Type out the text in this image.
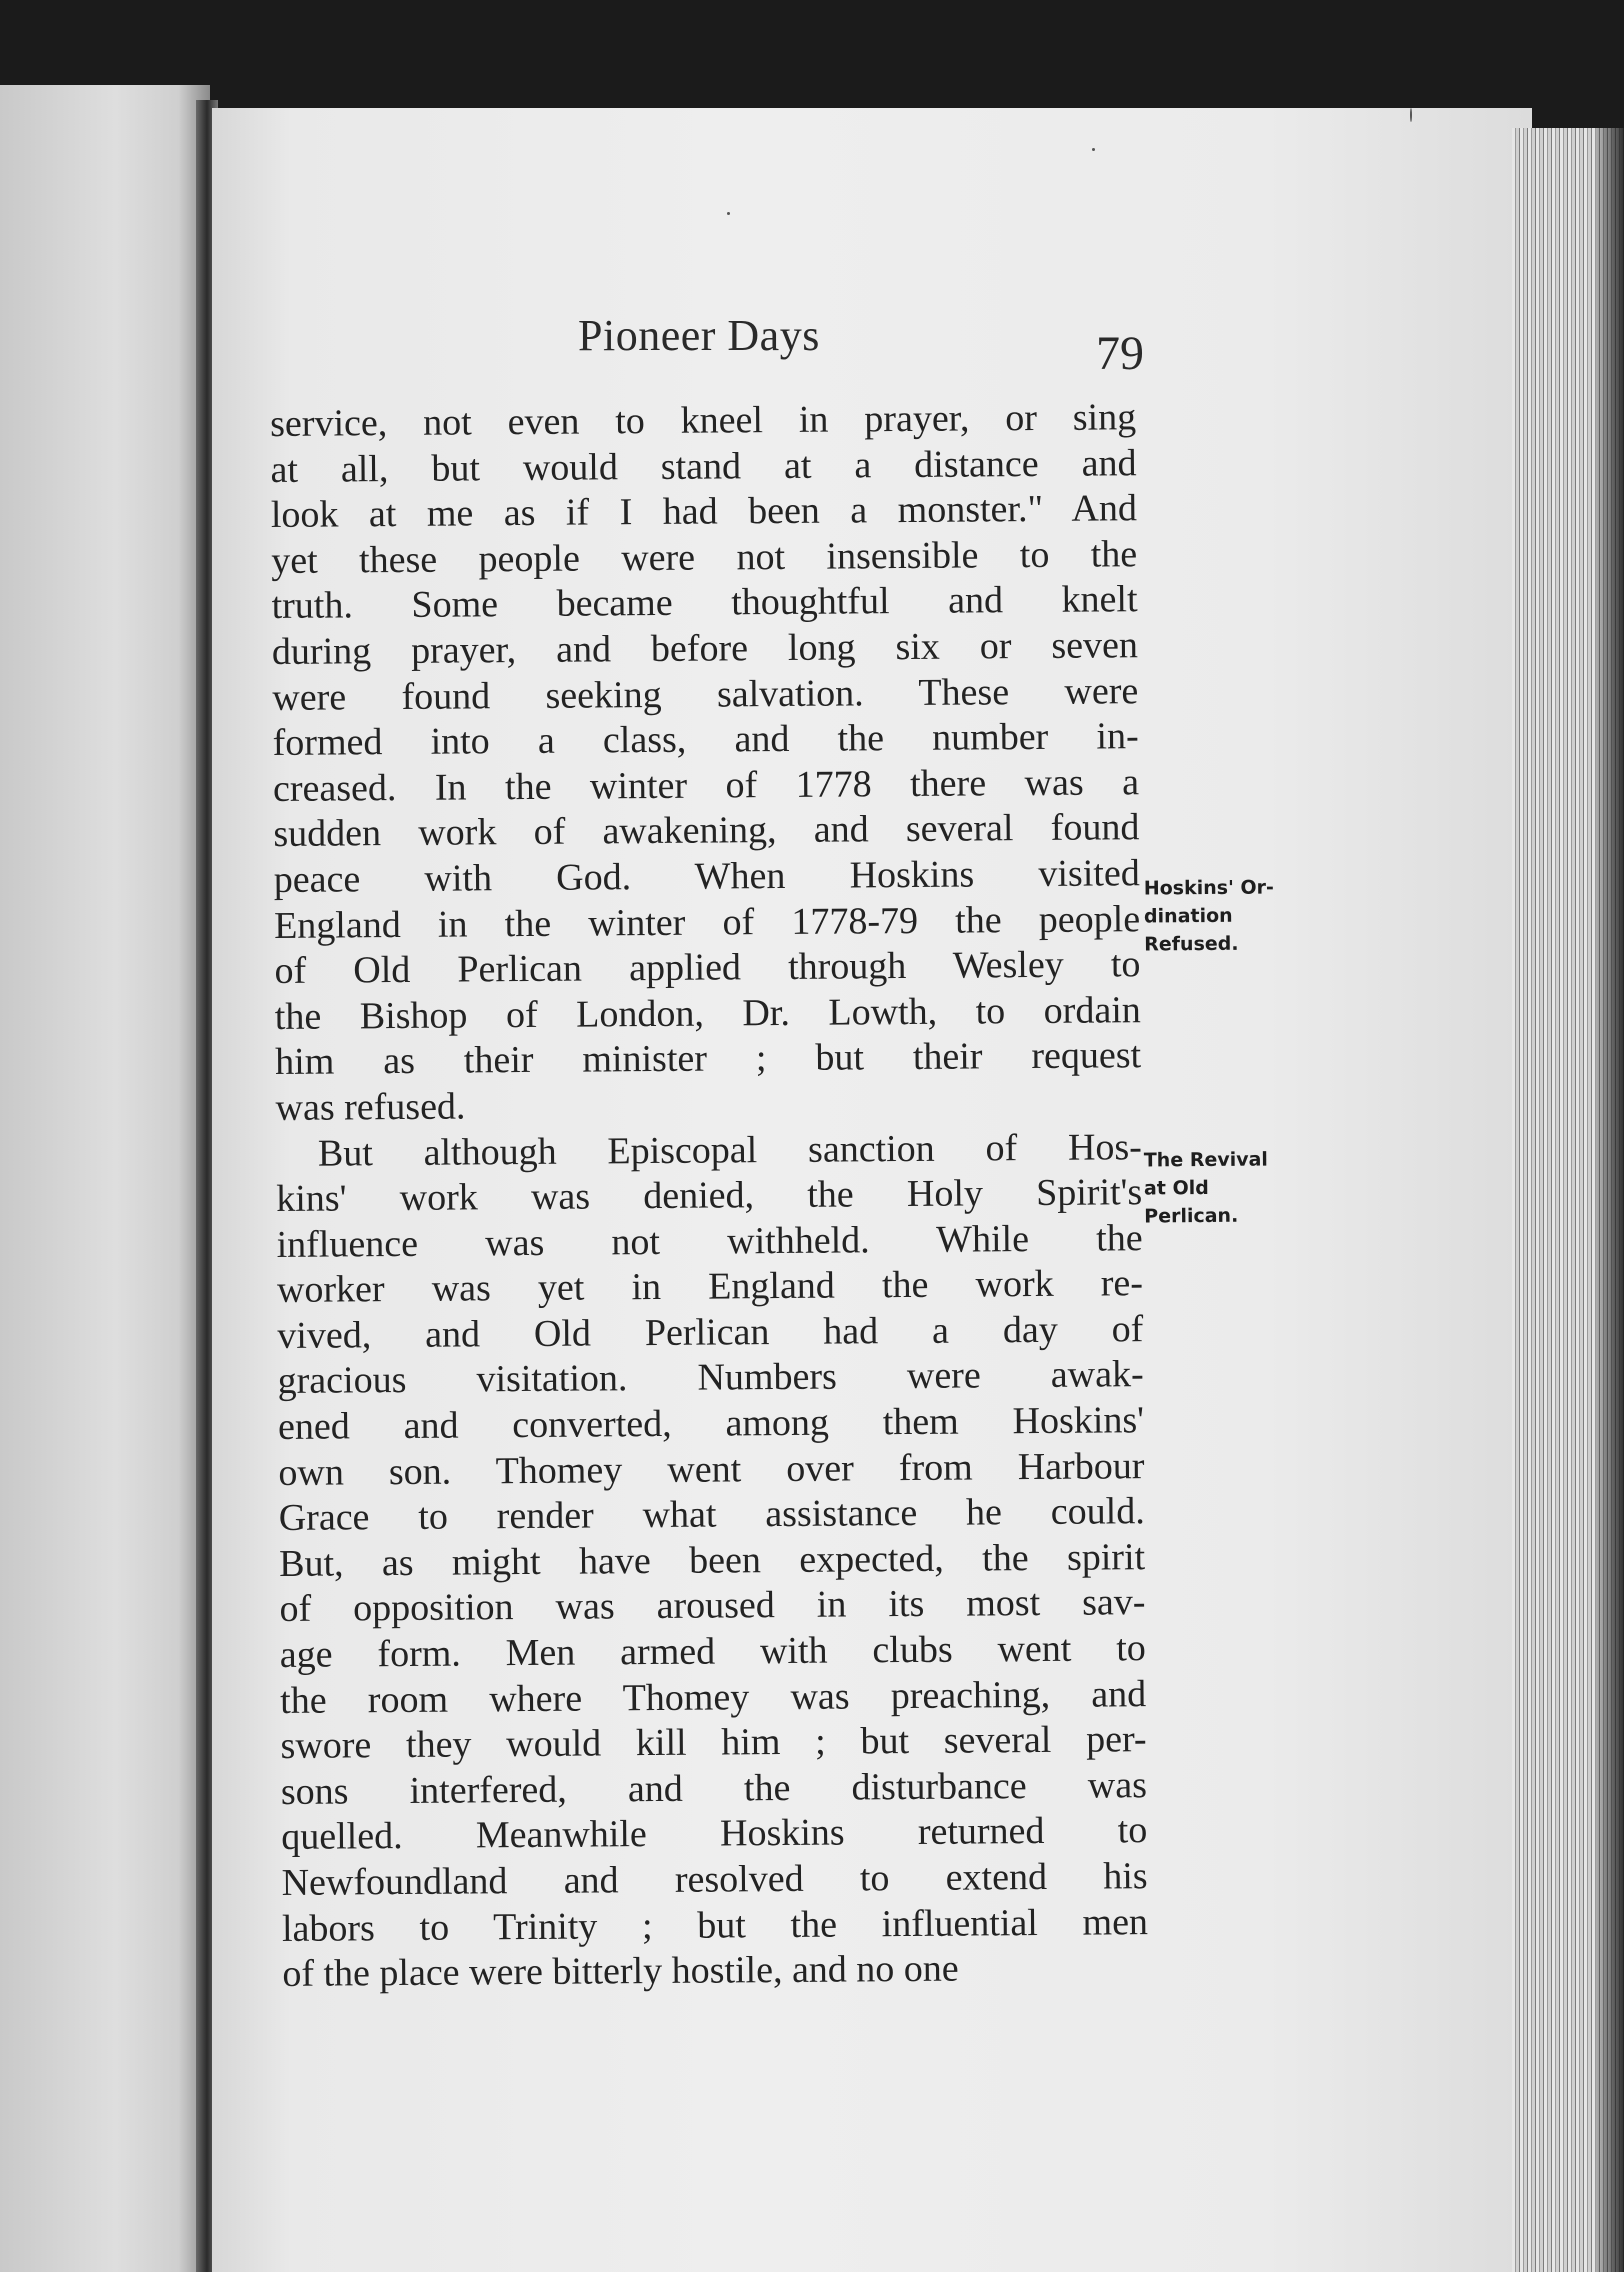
Pioneer Days	79
service, not even to kneel in prayer, or sing
at all, but would stand at a distance and
look at me as if I had been a monster." And
yet these people were not insensible to the
truth. Some became thoughtful and knelt
during prayer, and before long six or seven
were found seeking salvation. These were
formed into a class, and the number in-
creased. In the winter of 1778 there was a
sudden work of awakening, and several found
peace with God. When Hoskins visited
England in the winter of 1778-79 the people
of Old Perlican applied through Wesley to
the Bishop of London, Dr. Lowth, to ordain
him as their minister ; but their request
was refused.
But although Episcopal sanction of Hos-
kins' work was denied, the Holy Spirit's
influence was not withheld. While the
worker was yet in England the work re-
vived, and Old Perlican had a day of
gracious visitation. Numbers were awak-
ened and converted, among them Hoskins'
own son. Thomey went over from Harbour
Grace to render what assistance he could.
But, as might have been expected, the spirit
of opposition was aroused in its most sav-
age form. Men armed with clubs went to
the room where Thomey was preaching, and
swore they would kill him ; but several per-
sons interfered, and the disturbance was
quelled. Meanwhile Hoskins returned to
Newfoundland and resolved to extend his
labors to Trinity ; but the influential men
of the place were bitterly hostile, and no one
Hoskins' Or-
dination
Refused.
The Revival
at Old
Perlican.
